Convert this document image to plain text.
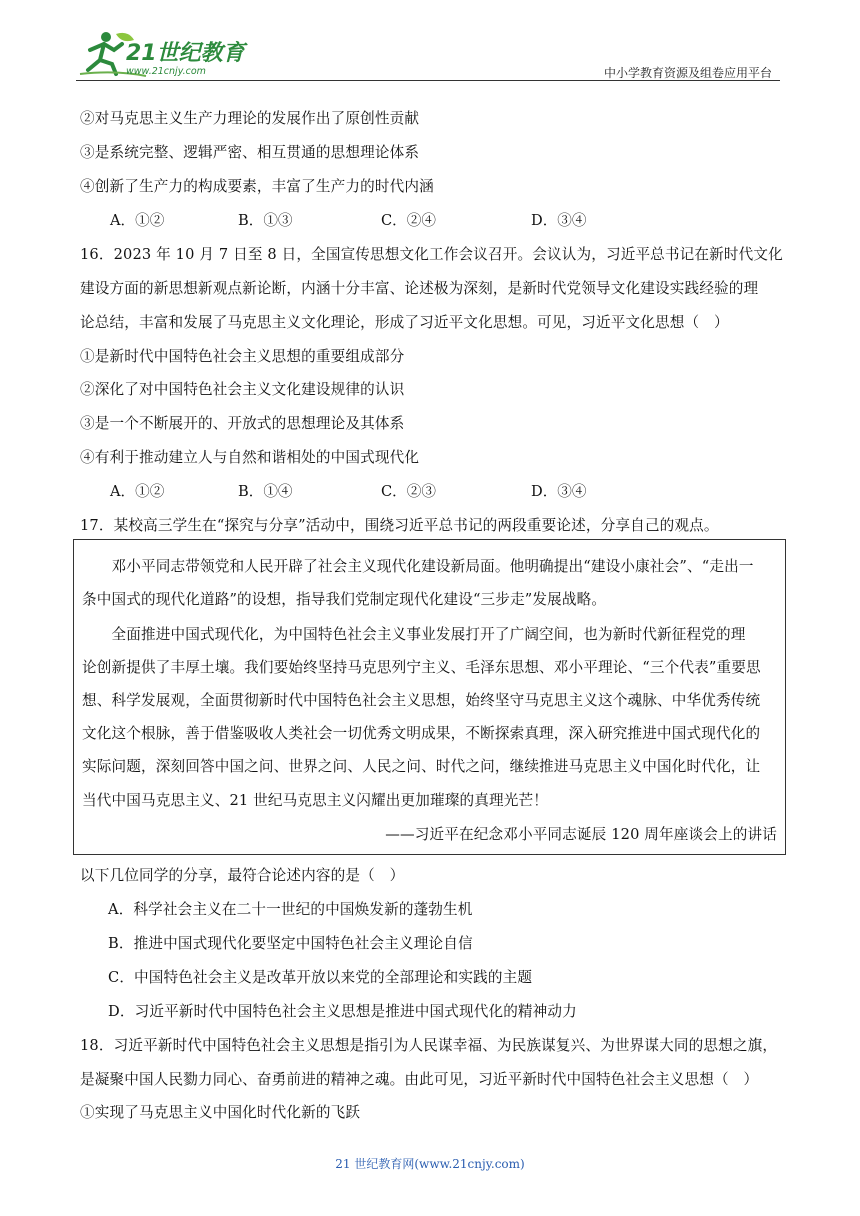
21世纪教育
www.21cnjy.com	中小学教育资源及组卷应用平台
②对马克思主义生产力理论的发展作出了原创性贡献
③是系统完整、逻辑严密、相互贯通的思想理论体系
④创新了生产力的构成要素，丰富了生产力的时代内涵
A．①②	B．①③	C．②④	D．③④
16．2023 年 10 月 7 日至 8 日，全国宣传思想文化工作会议召开。会议认为，习近平总书记在新时代文化
建设方面的新思想新观点新论断，内涵十分丰富、论述极为深刻，是新时代党领导文化建设实践经验的理
论总结，丰富和发展了马克思主义文化理论，形成了习近平文化思想。可见，习近平文化思想（　）
①是新时代中国特色社会主义思想的重要组成部分
②深化了对中国特色社会主义文化建设规律的认识
③是一个不断展开的、开放式的思想理论及其体系
④有利于推动建立人与自然和谐相处的中国式现代化
A．①②	B．①④	C．②③	D．③④
17．某校高三学生在“探究与分享”活动中，围绕习近平总书记的两段重要论述，分享自己的观点。
　　邓小平同志带领党和人民开辟了社会主义现代化建设新局面。他明确提出“建设小康社会”、“走出一
条中国式的现代化道路”的设想，指导我们党制定现代化建设“三步走”发展战略。
　　全面推进中国式现代化，为中国特色社会主义事业发展打开了广阔空间，也为新时代新征程党的理
论创新提供了丰厚土壤。我们要始终坚持马克思列宁主义、毛泽东思想、邓小平理论、“三个代表”重要思
想、科学发展观，全面贯彻新时代中国特色社会主义思想，始终坚守马克思主义这个魂脉、中华优秀传统
文化这个根脉，善于借鉴吸收人类社会一切优秀文明成果，不断探索真理，深入研究推进中国式现代化的
实际问题，深刻回答中国之问、世界之问、人民之问、时代之问，继续推进马克思主义中国化时代化，让
当代中国马克思主义、21 世纪马克思主义闪耀出更加璀璨的真理光芒！
——习近平在纪念邓小平同志诞辰 120 周年座谈会上的讲话
以下几位同学的分享，最符合论述内容的是（　）
A．科学社会主义在二十一世纪的中国焕发新的蓬勃生机
B．推进中国式现代化要坚定中国特色社会主义理论自信
C．中国特色社会主义是改革开放以来党的全部理论和实践的主题
D．习近平新时代中国特色社会主义思想是推进中国式现代化的精神动力
18．习近平新时代中国特色社会主义思想是指引为人民谋幸福、为民族谋复兴、为世界谋大同的思想之旗，
是凝聚中国人民勠力同心、奋勇前进的精神之魂。由此可见，习近平新时代中国特色社会主义思想（　）
①实现了马克思主义中国化时代化新的飞跃
21 世纪教育网(www.21cnjy.com)
